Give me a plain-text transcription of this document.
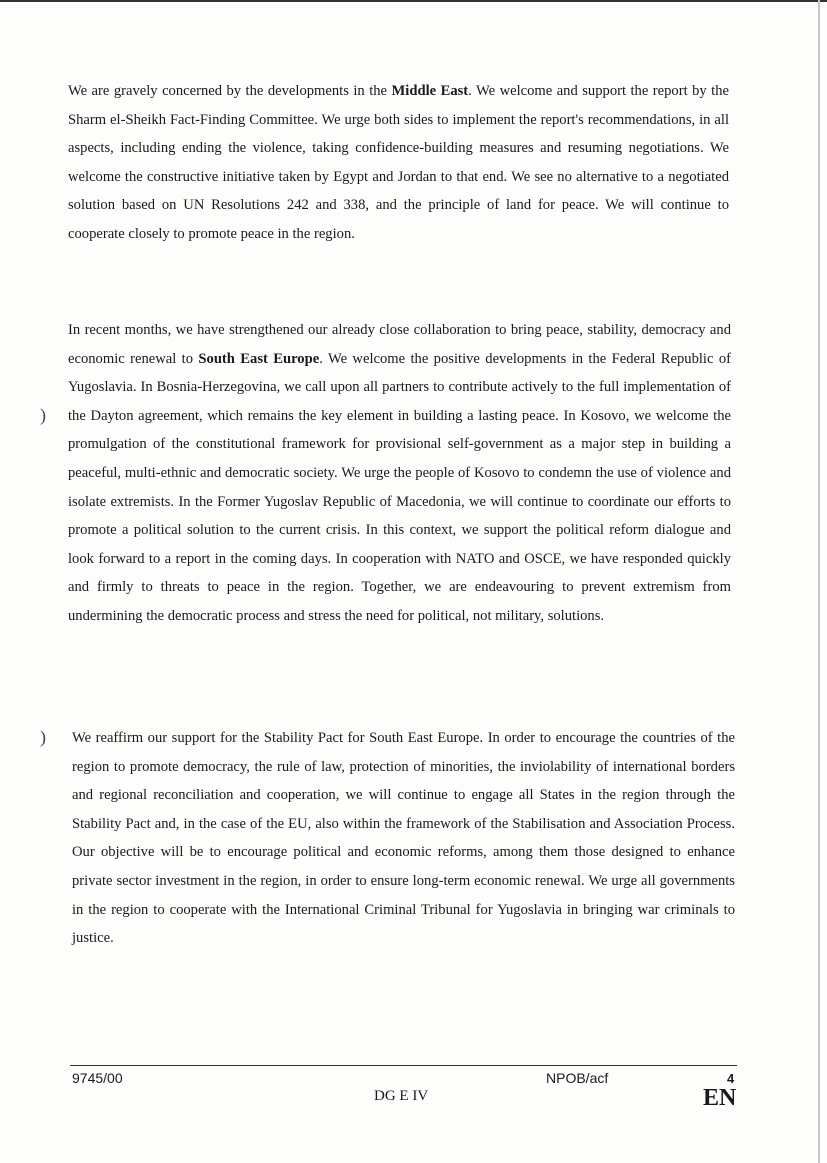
We are gravely concerned by the developments in the Middle East. We welcome and support the report by the Sharm el-Sheikh Fact-Finding Committee. We urge both sides to implement the report's recommendations, in all aspects, including ending the violence, taking confidence-building measures and resuming negotiations. We welcome the constructive initiative taken by Egypt and Jordan to that end. We see no alternative to a negotiated solution based on UN Resolutions 242 and 338, and the principle of land for peace. We will continue to cooperate closely to promote peace in the region.

In recent months, we have strengthened our already close collaboration to bring peace, stability, democracy and economic renewal to South East Europe. We welcome the positive developments in the Federal Republic of Yugoslavia. In Bosnia-Herzegovina, we call upon all partners to contribute actively to the full implementation of the Dayton agreement, which remains the key element in building a lasting peace. In Kosovo, we welcome the promulgation of the constitutional framework for provisional self-government as a major step in building a peaceful, multi-ethnic and democratic society. We urge the people of Kosovo to condemn the use of violence and isolate extremists. In the Former Yugoslav Republic of Macedonia, we will continue to coordinate our efforts to promote a political solution to the current crisis. In this context, we support the political reform dialogue and look forward to a report in the coming days. In cooperation with NATO and OSCE, we have responded quickly and firmly to threats to peace in the region. Together, we are endeavouring to prevent extremism from undermining the democratic process and stress the need for political, not military, solutions.

)

We reaffirm our support for the Stability Pact for South East Europe. In order to encourage the countries of the region to promote democracy, the rule of law, protection of minorities, the inviolability of international borders and regional reconciliation and cooperation, we will continue to engage all States in the region through the Stability Pact and, in the case of the EU, also within the framework of the Stabilisation and Association Process. Our objective will be to encourage political and economic reforms, among them those designed to enhance private sector investment in the region, in order to ensure long-term economic renewal. We urge all governments in the region to cooperate with the International Criminal Tribunal for Yugoslavia in bringing war criminals to justice.

)
9745/00
DG E IV
NPOB/acf	4
EN
